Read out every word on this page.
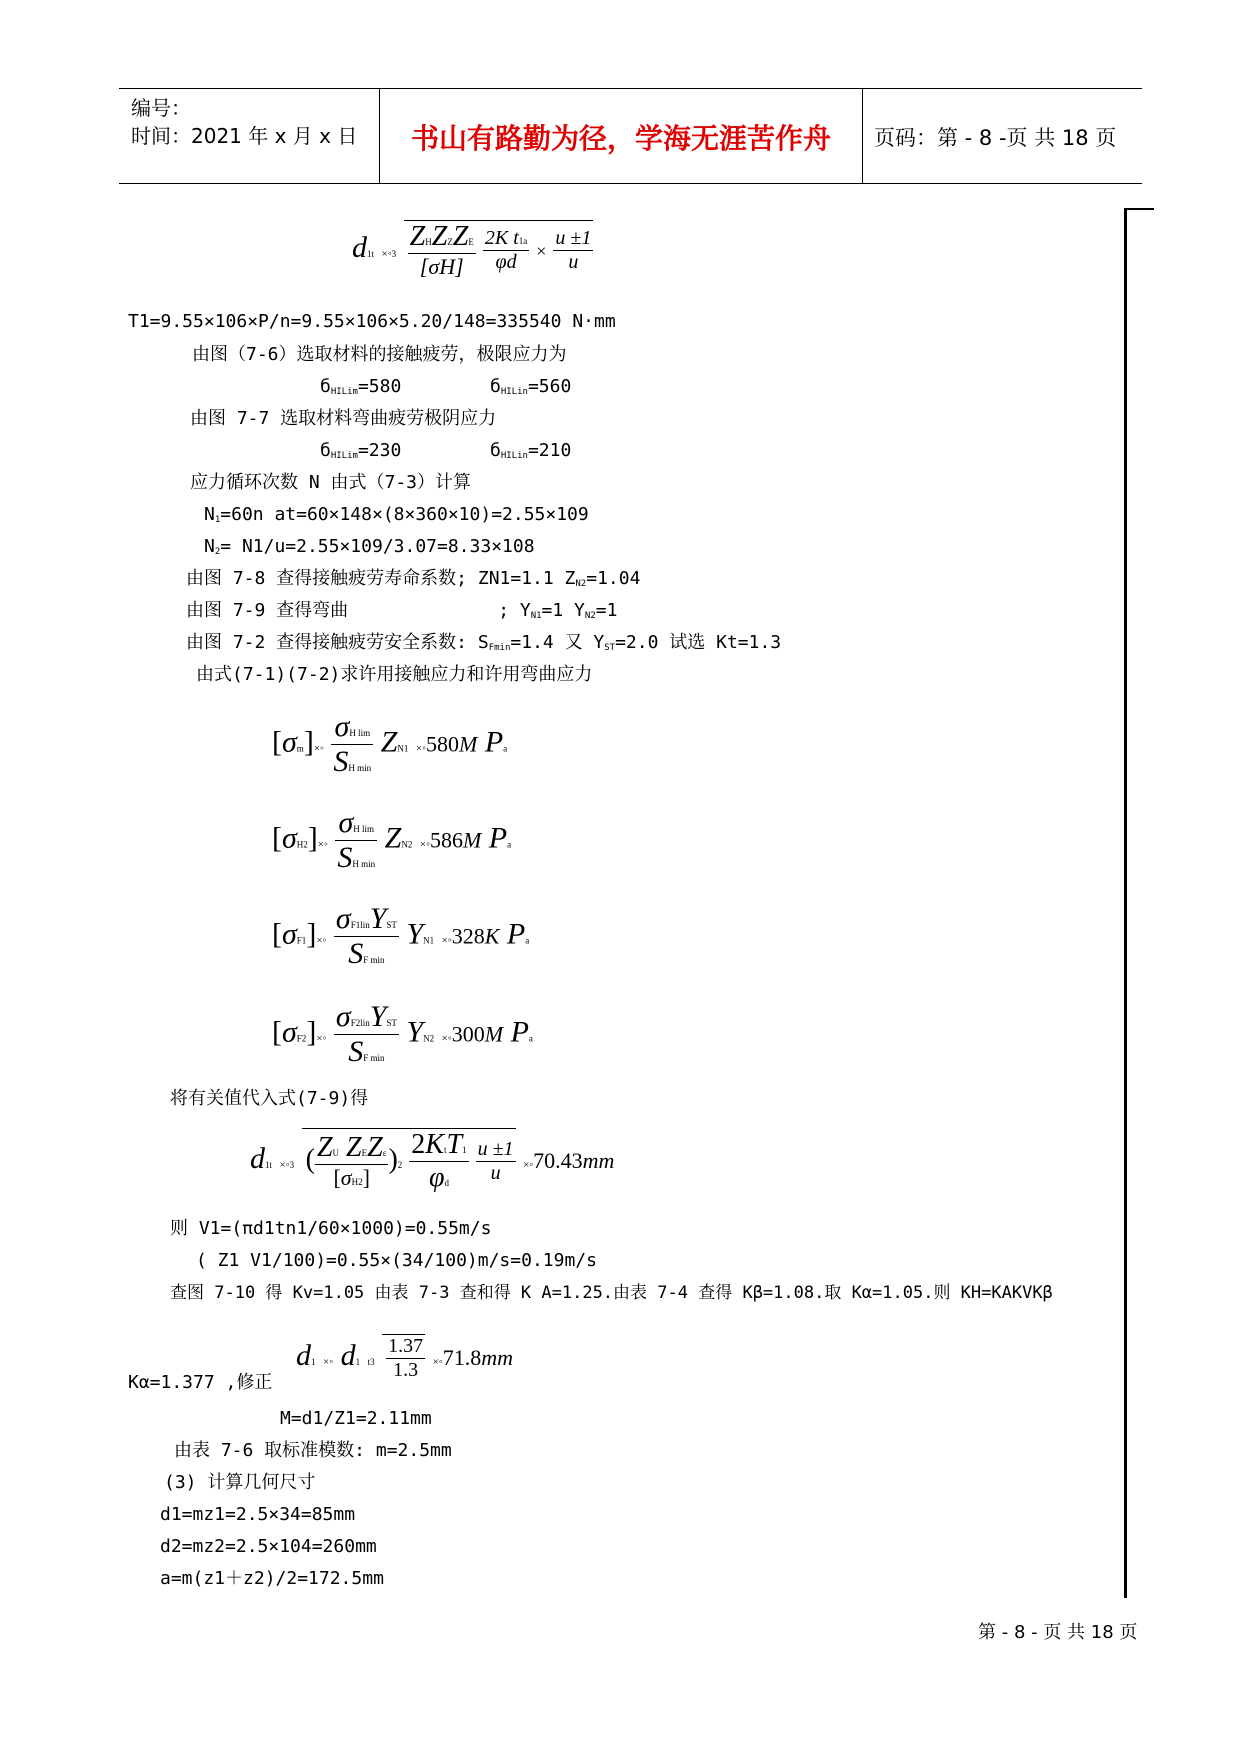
编号：
时间：2021 年 x 月 x 日	书山有路勤为径，学海无涯苦作舟	页码：第 - 8 -页 共 18 页
d1t ×◦3 $\frac{\text{ZHZZZE}}{[\sigma H]}$
$\frac{\text{2K t1a}}{\varphi d} \times \frac{u \pm 1}{u}$
T1=9.55×106×P/n=9.55×106×5.20/148=335540 N·mm
由图（7-6）选取材料的接触疲劳，极限应力为
$б_{HILim}=580$	$б_{HILin}=560$
由图 7-7 选取材料弯曲疲劳极阴应力
$б_{HILim}=230$	$б_{HILin}=210$
应力循环次数 N 由式（7-3）计算
$N_1=60n$ at=60×148×(8×360×10)=2.55×109
$N_2= N1/u=2.55\times 109/3.07=8.33\times 108$
由图 7-8 查得接触疲劳寿命系数; ZN1=1.1 $Z_{N2}=1.04$
由图 7-9 查得弯曲	; $Y_{N1}=1$ $Y_{N2}=1$
由图 7-2 查得接触疲劳安全系数: $S_{Fmin}=1.4$ 又 $Y_{ST}=2.0$ 试选 Kt=1.3
由式(7-1)(7-2)求许用接触应力和许用弯曲应力
[σm]×◦ $\frac{\text{σH lim}}{\text{SH min}} ZN1$ ×◦580M Pa
[σH2]×◦ $\frac{\text{σH lim}}{\text{SH min}} ZN2$ ×◦586M Pa
[σF1]×◦ $\frac{\text{σF1linYST}}{\text{SF min}} YN1$ ×◦328K Pa
[σF2]×◦ $\frac{\text{σF2linYST}}{\text{SF min}} YN2$ ×◦300M Pa
将有关值代入式(7-9)得
d1t ×◦3 ( $\frac{\text{ZU ZEZε}}{[\sigma H2]} )2 \frac{\text{2KtT1}}{\varphi d}$
$\frac{u \pm 1}{u}$ ×◦70.43mm
则 V1=(πd1tn1/60×1000)=0.55m/s
( Z1 V1/100)=0.55×(34/100)m/s=0.19m/s
查图 7-10 得 Kv=1.05 由表 7-3 查和得 K A=1.25.由表 7-4 查得 Kβ=1.08.取 Kα=1.05.则 KH=KAKVKβ
Kα=1.377 ,修正
d1 ×◦ d1 $t3 \frac{1.37}{1.3}$ ×◦71.8mm
M=d1/Z1=2.11mm
由表 7-6 取标准模数: m=2.5mm
(3) 计算几何尺寸
d1=mz1=2.5×34=85mm
d2=mz2=2.5×104=260mm
a=m(z1＋z2)/2=172.5mm
第 - 8 - 页 共 18 页
